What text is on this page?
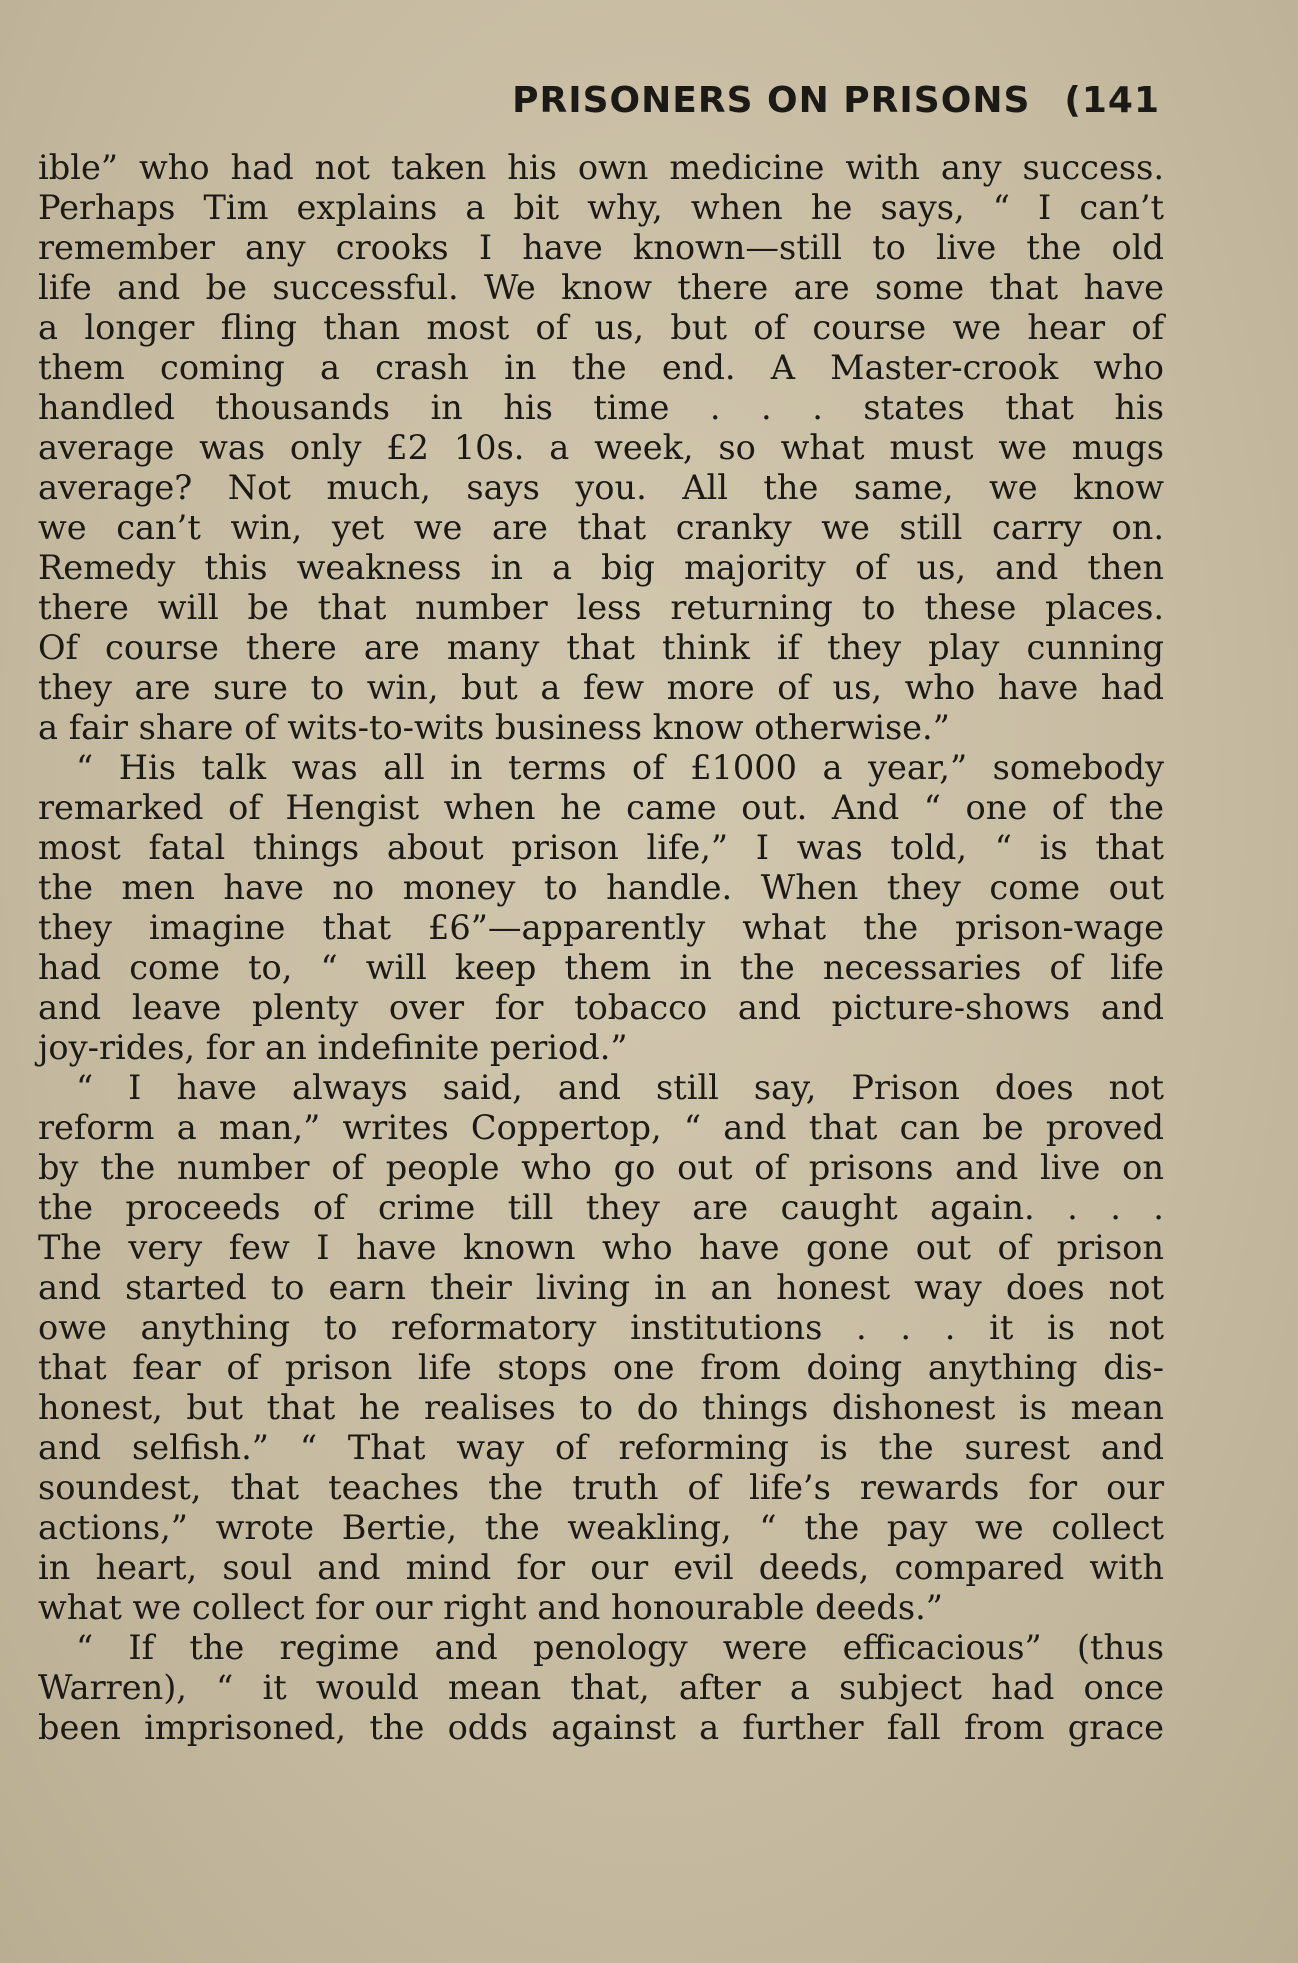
PRISONERS ON PRISONS (141
ible” who had not taken his own medicine with any success.
Perhaps Tim explains a bit why, when he says, “ I can’t
remember any crooks I have known—still to live the old
life and be successful. We know there are some that have
a longer fling than most of us, but of course we hear of
them coming a crash in the end. A Master-crook who
handled thousands in his time . . . states that his
average was only £2 10s. a week, so what must we mugs
average? Not much, says you. All the same, we know
we can’t win, yet we are that cranky we still carry on.
Remedy this weakness in a big majority of us, and then
there will be that number less returning to these places.
Of course there are many that think if they play cunning
they are sure to win, but a few more of us, who have had
a fair share of wits-to-wits business know otherwise.”
“ His talk was all in terms of £1000 a year,” somebody
remarked of Hengist when he came out. And “ one of the
most fatal things about prison life,” I was told, “ is that
the men have no money to handle. When they come out
they imagine that £6”—apparently what the prison-wage
had come to, “ will keep them in the necessaries of life
and leave plenty over for tobacco and picture-shows and
joy-rides, for an indefinite period.”
“ I have always said, and still say, Prison does not
reform a man,” writes Coppertop, “ and that can be proved
by the number of people who go out of prisons and live on
the proceeds of crime till they are caught again. . . .
The very few I have known who have gone out of prison
and started to earn their living in an honest way does not
owe anything to reformatory institutions . . . it is not
that fear of prison life stops one from doing anything dis-
honest, but that he realises to do things dishonest is mean
and selfish.” “ That way of reforming is the surest and
soundest, that teaches the truth of life’s rewards for our
actions,” wrote Bertie, the weakling, “ the pay we collect
in heart, soul and mind for our evil deeds, compared with
what we collect for our right and honourable deeds.”
“ If the regime and penology were efficacious” (thus
Warren), “ it would mean that, after a subject had once
been imprisoned, the odds against a further fall from grace
